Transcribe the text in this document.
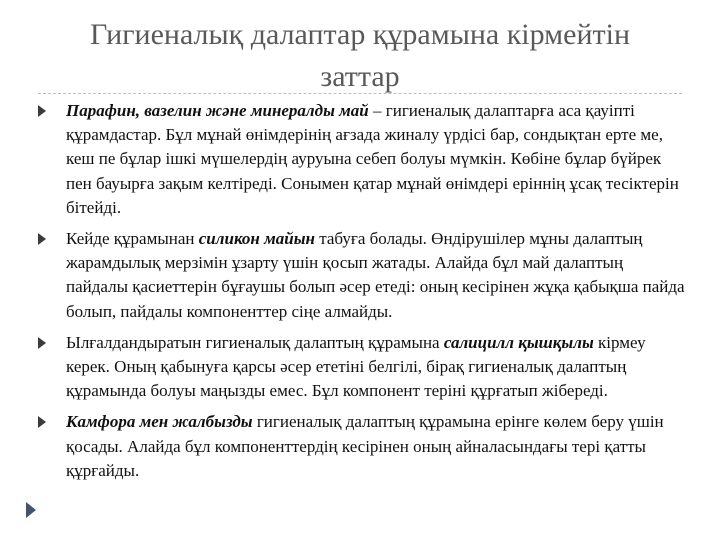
Гигиеналық далаптар құрамына кірмейтін
заттар
Парафин, вазелин және минералды май – гигиеналық далаптарға аса қауіпті құрамдастар. Бұл мұнай өнімдерінің ағзада жиналу үрдісі бар, сондықтан ерте ме, кеш пе бұлар ішкі мүшелердің ауруына себеп болуы мүмкін. Көбіне бұлар бүйрек пен бауырға зақым келтіреді. Сонымен қатар мұнай өнімдері еріннің ұсақ тесіктерін бітейді.
Кейде құрамынан силикон майын табуға болады. Өндірушілер мұны далаптың жарамдылық мерзімін ұзарту үшін қосып жатады. Алайда бұл май далаптың пайдалы қасиеттерін бұғаушы болып әсер етеді: оның кесірінен жұқа қабықша пайда болып, пайдалы компоненттер сіңе алмайды.
Ылғалдандыратын гигиеналық далаптың құрамына салицилл қышқылы кірмеу керек. Оның қабынуға қарсы әсер ететіні белгілі, бірақ гигиеналық далаптың құрамында болуы маңызды емес. Бұл компонент теріні құрғатып жібереді.
Камфора мен жалбызды гигиеналық далаптың құрамына ерінге көлем беру үшін қосады. Алайда бұл компоненттердің кесірінен оның айналасындағы тері қатты құрғайды.
